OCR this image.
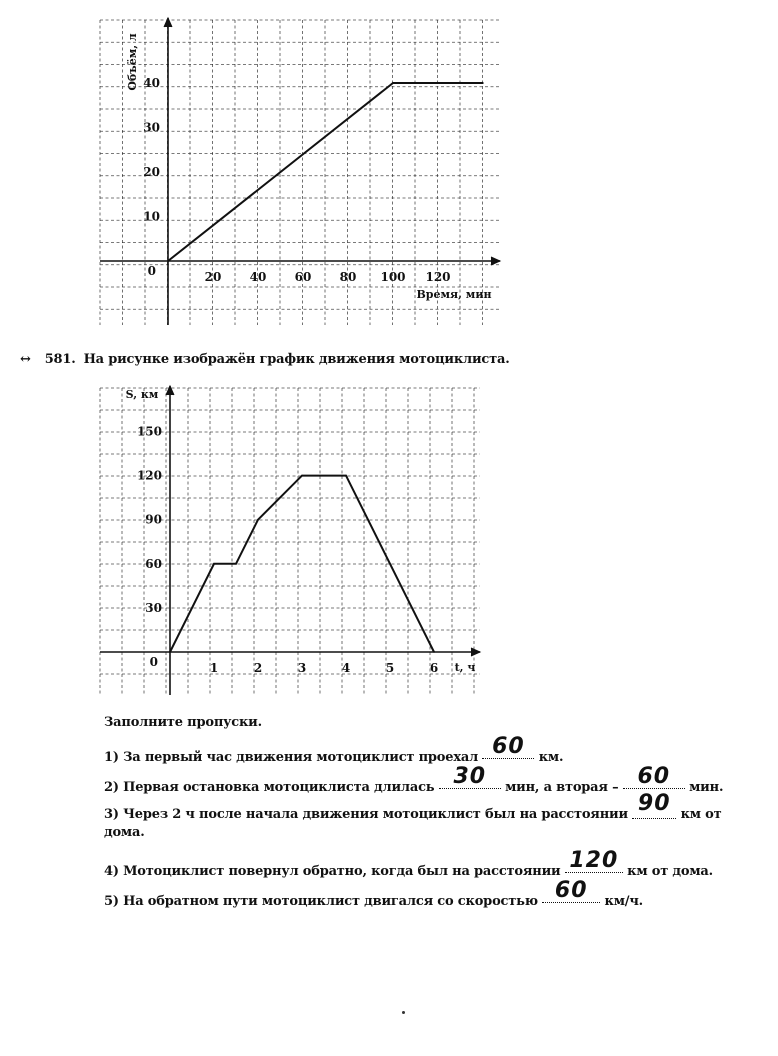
20 40 60 80 100 120
10
20
30
40
0
Время, мин
Объём, л
↔ 581. На рисунке изображён график движения мотоциклиста.
1	2	3	4	5	6
30
60
90
120
150
0	t, ч
S, км
Заполните пропуски.
1) За первый час движения мотоциклист проехал 60 км.
2) Первая остановка мотоциклиста длилась 30 мин, а вторая – 60 мин.
3) Через 2 ч после начала движения мотоциклист был на расстоянии 90 км от
дома.
4) Мотоциклист повернул обратно, когда был на расстоянии 120 км от дома.
5) На обратном пути мотоциклист двигался со скоростью 60 км/ч.
